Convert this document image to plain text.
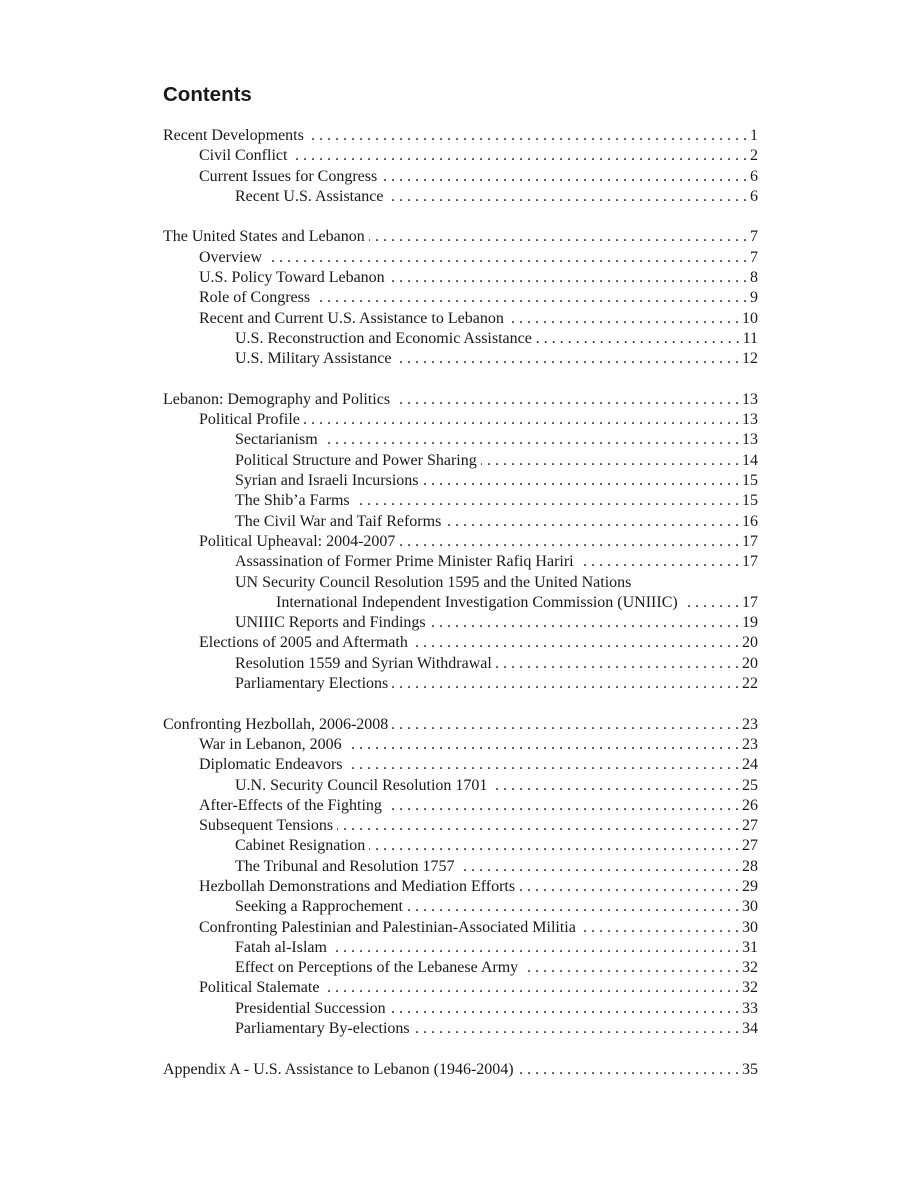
Contents
Recent Developments . . .	1
Civil Conflict . . .	2
Current Issues for Congress . . .	6
Recent U.S. Assistance . . .	6
The United States and Lebanon . . .	7
Overview . . .	7
U.S. Policy Toward Lebanon . . .	8
Role of Congress . . .	9
Recent and Current U.S. Assistance to Lebanon . . .	10
U.S. Reconstruction and Economic Assistance . . .	11
U.S. Military Assistance . . .	12
Lebanon: Demography and Politics . . .	13
Political Profile . . .	13
Sectarianism . . .	13
Political Structure and Power Sharing . . .	14
Syrian and Israeli Incursions . . .	15
The Shib’a Farms . . .	15
The Civil War and Taif Reforms . . .	16
Political Upheaval: 2004-2007 . . .	17
Assassination of Former Prime Minister Rafiq Hariri . . .	17
UN Security Council Resolution 1595 and the United Nations
International Independent Investigation Commission (UNIIIC) . . .	17
UNIIIC Reports and Findings . . .	19
Elections of 2005 and Aftermath . . .	20
Resolution 1559 and Syrian Withdrawal . . .	20
Parliamentary Elections . . .	22
Confronting Hezbollah, 2006-2008 . . .	23
War in Lebanon, 2006 . . .	23
Diplomatic Endeavors . . .	24
U.N. Security Council Resolution 1701 . . .	25
After-Effects of the Fighting . . .	26
Subsequent Tensions . . .	27
Cabinet Resignation . . .	27
The Tribunal and Resolution 1757 . . .	28
Hezbollah Demonstrations and Mediation Efforts . . .	29
Seeking a Rapprochement . . .	30
Confronting Palestinian and Palestinian-Associated Militia . . .	30
Fatah al-Islam . . .	31
Effect on Perceptions of the Lebanese Army . . .	32
Political Stalemate . . .	32
Presidential Succession . . .	33
Parliamentary By-elections . . .	34
Appendix A - U.S. Assistance to Lebanon (1946-2004) . . .	35
